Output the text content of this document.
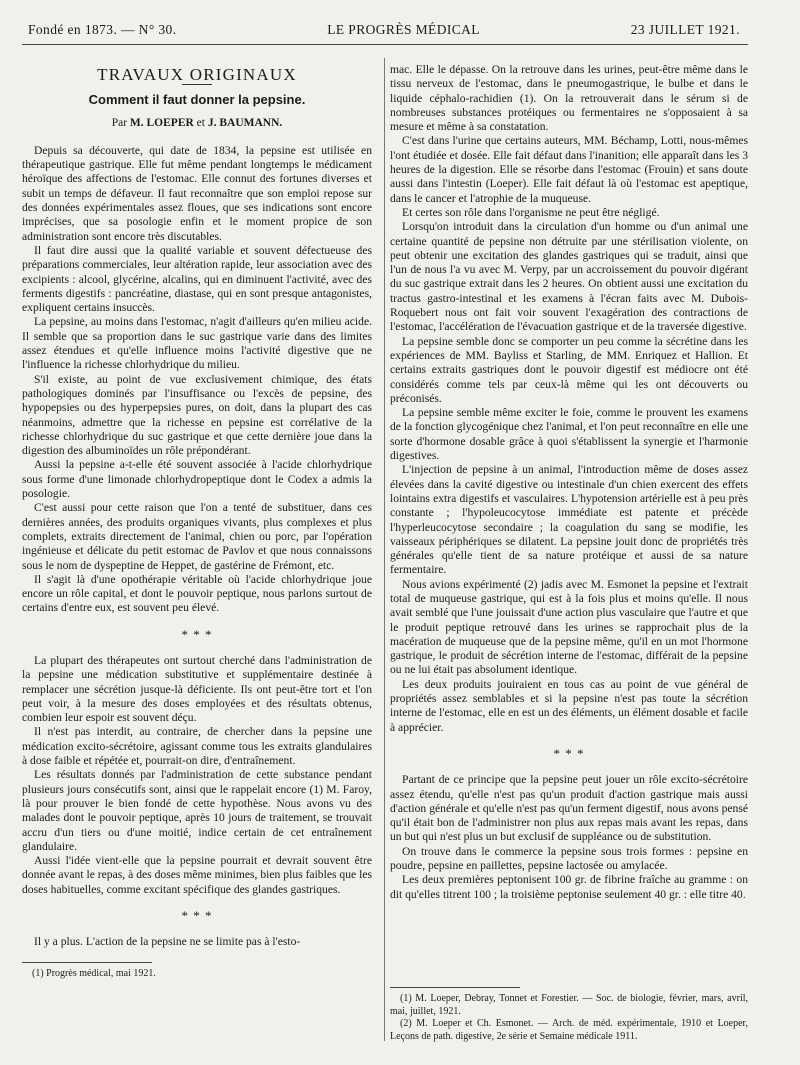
Fondé en 1873. — N° 30.	LE PROGRÈS MÉDICAL	23 JUILLET 1921.
TRAVAUX ORIGINAUX
Comment il faut donner la pepsine.
Par M. LOEPER et J. BAUMANN.

Depuis sa découverte, qui date de 1834, la pepsine est utilisée en thérapeutique gastrique. Elle fut même pendant longtemps le médicament héroïque des affections de l'estomac. Elle connut des fortunes diverses et subit un temps de défaveur. Il faut reconnaître que son emploi repose sur des données expérimentales assez floues, que ses indications sont encore imprécises, que sa posologie enfin et le moment propice de son administration sont encore très discutables.

Il faut dire aussi que la qualité variable et souvent défectueuse des préparations commerciales, leur altération rapide, leur association avec des excipients : alcool, glycérine, alcalins, qui en diminuent l'activité, avec des ferments digestifs : pancréatine, diastase, qui en sont presque antagonistes, expliquent certains insuccès.

La pepsine, au moins dans l'estomac, n'agit d'ailleurs qu'en milieu acide. Il semble que sa proportion dans le suc gastrique varie dans des limites assez étendues et qu'elle influence moins l'activité digestive que ne l'influence la richesse chlorhydrique du milieu.

S'il existe, au point de vue exclusivement chimique, des états pathologiques dominés par l'insuffisance ou l'excès de pepsine, des hypopepsies ou des hyperpepsies pures, on doit, dans la plupart des cas néanmoins, admettre que la richesse en pepsine est corrélative de la richesse chlorhydrique du suc gastrique et que cette dernière joue dans la digestion des albuminoïdes un rôle prépondérant.

Aussi la pepsine a-t-elle été souvent associée à l'acide chlorhydrique sous forme d'une limonade chlorhydropeptique dont le Codex a admis la posologie.

C'est aussi pour cette raison que l'on a tenté de substituer, dans ces dernières années, des produits organiques vivants, plus complexes et plus complets, extraits directement de l'animal, chien ou porc, par l'opération ingénieuse et délicate du petit estomac de Pavlov et que nous connaissons sous le nom de dyspeptine de Heppet, de gastérine de Frémont, etc.

Il s'agit là d'une opothérapie véritable où l'acide chlorhydrique joue encore un rôle capital, et dont le pouvoir peptique, nous parlons surtout de certains d'entre eux, est souvent peu élevé.

* * *

La plupart des thérapeutes ont surtout cherché dans l'administration de la pepsine une médication substitutive et supplémentaire destinée à remplacer une sécrétion jusque-là déficiente. Ils ont peut-être tort et l'on peut voir, à la mesure des doses employées et des résultats obtenus, combien leur espoir est souvent déçu.

Il n'est pas interdit, au contraire, de chercher dans la pepsine une médication excito-sécrétoire, agissant comme tous les extraits glandulaires à dose faible et répétée et, pourrait-on dire, d'entraînement.

Les résultats donnés par l'administration de cette substance pendant plusieurs jours consécutifs sont, ainsi que le rappelait encore (1) M. Faroy, là pour prouver le bien fondé de cette hypothèse. Nous avons vu des malades dont le pouvoir peptique, après 10 jours de traitement, se trouvait accru d'un tiers ou d'une moitié, indice certain de cet entraînement glandulaire.

Aussi l'idée vient-elle que la pepsine pourrait et devrait souvent être donnée avant le repas, à des doses même minimes, bien plus faibles que les doses habituelles, comme excitant spécifique des glandes gastriques.

* * *

Il y a plus. L'action de la pepsine ne se limite pas à l'esto-

(1) Progrès médical, mai 1921.

mac. Elle le dépasse. On la retrouve dans les urines, peut-être même dans le tissu nerveux de l'estomac, dans le pneumogastrique, le bulbe et dans le liquide céphalo-rachidien (1). On la retrouverait dans le sérum si de nombreuses substances protéiques ou fermentaires ne s'opposaient à sa mesure et même à sa constatation.

C'est dans l'urine que certains auteurs, MM. Béchamp, Lotti, nous-mêmes l'ont étudiée et dosée. Elle fait défaut dans l'inanition; elle apparaît dans les 3 heures de la digestion. Elle se résorbe dans l'estomac (Frouin) et sans doute aussi dans l'intestin (Loeper). Elle fait défaut là où l'estomac est apeptique, dans le cancer et l'atrophie de la muqueuse.

Et certes son rôle dans l'organisme ne peut être négligé.

Lorsqu'on introduit dans la circulation d'un homme ou d'un animal une certaine quantité de pepsine non détruite par une stérilisation violente, on peut obtenir une excitation des glandes gastriques qui se traduit, ainsi que l'un de nous l'a vu avec M. Verpy, par un accroissement du pouvoir digérant du suc gastrique extrait dans les 2 heures. On obtient aussi une excitation du tractus gastro-intestinal et les examens à l'écran faits avec M. Dubois-Roquebert nous ont fait voir souvent l'exagération des contractions de l'estomac, l'accélération de l'évacuation gastrique et de la traversée digestive.

La pepsine semble donc se comporter un peu comme la sécrétine dans les expériences de MM. Bayliss et Starling, de MM. Enriquez et Hallion. Et certains extraits gastriques dont le pouvoir digestif est médiocre ont été considérés comme tels par ceux-là même qui les ont découverts ou préconisés.

La pepsine semble même exciter le foie, comme le prouvent les examens de la fonction glycogénique chez l'animal, et l'on peut reconnaître en elle une sorte d'hormone dosable grâce à quoi s'établissent la synergie et l'harmonie digestives.

L'injection de pepsine à un animal, l'introduction même de doses assez élevées dans la cavité digestive ou intestinale d'un chien exercent des effets lointains extra digestifs et vasculaires. L'hypotension artérielle est à peu près constante ; l'hypoleucocytose immédiate est patente et précède l'hyperleucocytose secondaire ; la coagulation du sang se modifie, les vaisseaux périphériques se dilatent. La pepsine jouit donc de propriétés très générales qu'elle tient de sa nature protéique et aussi de sa nature fermentaire.

Nous avions expérimenté (2) jadis avec M. Esmonet la pepsine et l'extrait total de muqueuse gastrique, qui est à la fois plus et moins qu'elle. Il nous avait semblé que l'une jouissait d'une action plus vasculaire que l'autre et que le produit peptique retrouvé dans les urines se rapprochait plus de la macération de muqueuse que de la pepsine même, qu'il en un mot l'hormone gastrique, le produit de sécrétion interne de l'estomac, différait de la pepsine ou ne lui était pas absolument identique.

Les deux produits jouiraient en tous cas au point de vue général de propriétés assez semblables et si la pepsine n'est pas toute la sécrétion interne de l'estomac, elle en est un des éléments, un élément dosable et facile à apprécier.

* * *

Partant de ce principe que la pepsine peut jouer un rôle excito-sécrétoire assez étendu, qu'elle n'est pas qu'un produit d'action gastrique mais aussi d'action générale et qu'elle n'est pas qu'un ferment digestif, nous avons pensé qu'il était bon de l'administrer non plus aux repas mais avant les repas, dans un but qui n'est plus un but exclusif de suppléance ou de substitution.

On trouve dans le commerce la pepsine sous trois formes : pepsine en poudre, pepsine en paillettes, pepsine lactosée ou amylacée.

Les deux premières peptonisent 100 gr. de fibrine fraîche au gramme : on dit qu'elles titrent 100 ; la troisième peptonise seulement 40 gr. : elle titre 40.

(1) M. Loeper, Debray, Tonnet et Forestier. — Soc. de biologie, février, mars, avril, mai, juillet, 1921.
(2) M. Loeper et Ch. Esmonet. — Arch. de méd. expérimentale, 1910 et Loeper, Leçons de path. digestive, 2e série et Semaine médicale 1911.
